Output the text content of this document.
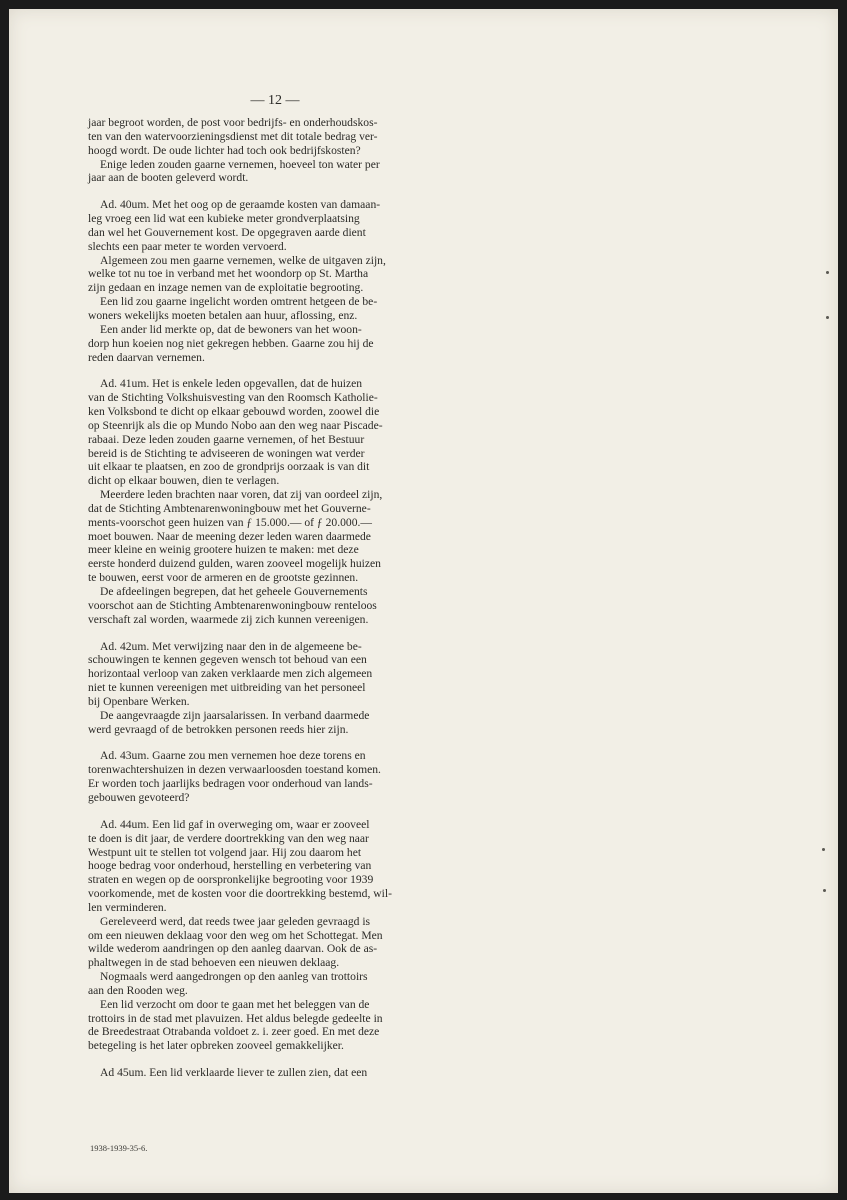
— 12 —
jaar begroot worden, de post voor bedrijfs- en onderhoudskos-
ten van den watervoorzieningsdienst met dit totale bedrag ver-
hoogd wordt. De oude lichter had toch ook bedrijfskosten?
Enige leden zouden gaarne vernemen, hoeveel ton water per
jaar aan de booten geleverd wordt.
Ad. 40um. Met het oog op de geraamde kosten van damaan-
leg vroeg een lid wat een kubieke meter grondverplaatsing
dan wel het Gouvernement kost. De opgegraven aarde dient
slechts een paar meter te worden vervoerd.
Algemeen zou men gaarne vernemen, welke de uitgaven zijn,
welke tot nu toe in verband met het woondorp op St. Martha
zijn gedaan en inzage nemen van de exploitatie begrooting.
Een lid zou gaarne ingelicht worden omtrent hetgeen de be-
woners wekelijks moeten betalen aan huur, aflossing, enz.
Een ander lid merkte op, dat de bewoners van het woon-
dorp hun koeien nog niet gekregen hebben. Gaarne zou hij de
reden daarvan vernemen.
Ad. 41um. Het is enkele leden opgevallen, dat de huizen
van de Stichting Volkshuisvesting van den Roomsch Katholie-
ken Volksbond te dicht op elkaar gebouwd worden, zoowel die
op Steenrijk als die op Mundo Nobo aan den weg naar Piscade-
rabaai. Deze leden zouden gaarne vernemen, of het Bestuur
bereid is de Stichting te adviseeren de woningen wat verder
uit elkaar te plaatsen, en zoo de grondprijs oorzaak is van dit
dicht op elkaar bouwen, dien te verlagen.
Meerdere leden brachten naar voren, dat zij van oordeel zijn,
dat de Stichting Ambtenarenwoningbouw met het Gouverne-
ments-voorschot geen huizen van ƒ 15.000.— of ƒ 20.000.—
moet bouwen. Naar de meening dezer leden waren daarmede
meer kleine en weinig grootere huizen te maken: met deze
eerste honderd duizend gulden, waren zooveel mogelijk huizen
te bouwen, eerst voor de armeren en de grootste gezinnen.
De afdeelingen begrepen, dat het geheele Gouvernements
voorschot aan de Stichting Ambtenarenwoningbouw renteloos
verschaft zal worden, waarmede zij zich kunnen vereenigen.
Ad. 42um. Met verwijzing naar den in de algemeene be-
schouwingen te kennen gegeven wensch tot behoud van een
horizontaal verloop van zaken verklaarde men zich algemeen
niet te kunnen vereenigen met uitbreiding van het personeel
bij Openbare Werken.
De aangevraagde zijn jaarsalarissen. In verband daarmede
werd gevraagd of de betrokken personen reeds hier zijn.
Ad. 43um. Gaarne zou men vernemen hoe deze torens en
torenwachtershuizen in dezen verwaarloosden toestand komen.
Er worden toch jaarlijks bedragen voor onderhoud van lands-
gebouwen gevoteerd?
Ad. 44um. Een lid gaf in overweging om, waar er zooveel
te doen is dit jaar, de verdere doortrekking van den weg naar
Westpunt uit te stellen tot volgend jaar. Hij zou daarom het
hooge bedrag voor onderhoud, herstelling en verbetering van
straten en wegen op de oorspronkelijke begrooting voor 1939
voorkomende, met de kosten voor die doortrekking bestemd, wil-
len verminderen.
Gereleveerd werd, dat reeds twee jaar geleden gevraagd is
om een nieuwen deklaag voor den weg om het Schottegat. Men
wilde wederom aandringen op den aanleg daarvan. Ook de as-
phaltwegen in de stad behoeven een nieuwen deklaag.
Nogmaals werd aangedrongen op den aanleg van trottoirs
aan den Rooden weg.
Een lid verzocht om door te gaan met het beleggen van de
trottoirs in de stad met plavuizen. Het aldus belegde gedeelte in
de Breedestraat Otrabanda voldoet z. i. zeer goed. En met deze
betegeling is het later opbreken zooveel gemakkelijker.
Ad 45um. Een lid verklaarde liever te zullen zien, dat een
1938-1939-35-6.
